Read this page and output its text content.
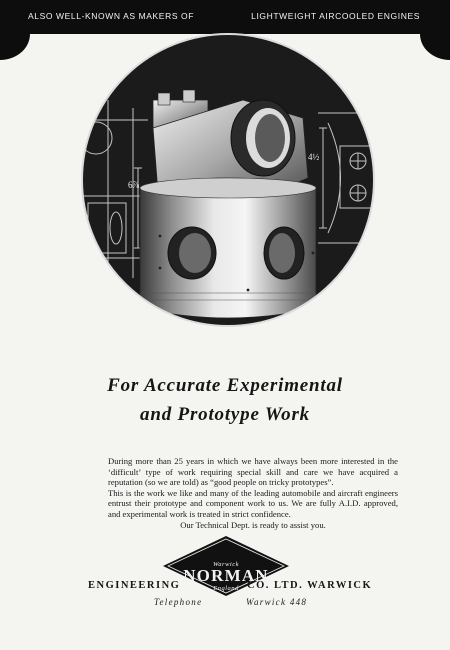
ALSO WELL-KNOWN AS MAKERS OF	LIGHTWEIGHT AIRCOOLED ENGINES
6⅞
4½
For Accurate Experimental
and Prototype Work

During more than 25 years in which we have always been more interested in the ‘difficult’ type of work requiring special skill and care we have acquired a reputation (so we are told) as “good people on tricky prototypes”.

This is the work we like and many of the leading automobile and aircraft engineers entrust their prototype and component work to us. We are fully A.I.D. approved, and experimental work is treated in strict confidence.

Our Technical Dept. is ready to assist you.

Warwick
NORMAN
England
ENGINEERING	CO. LTD. WARWICK
Telephone	Warwick 448
